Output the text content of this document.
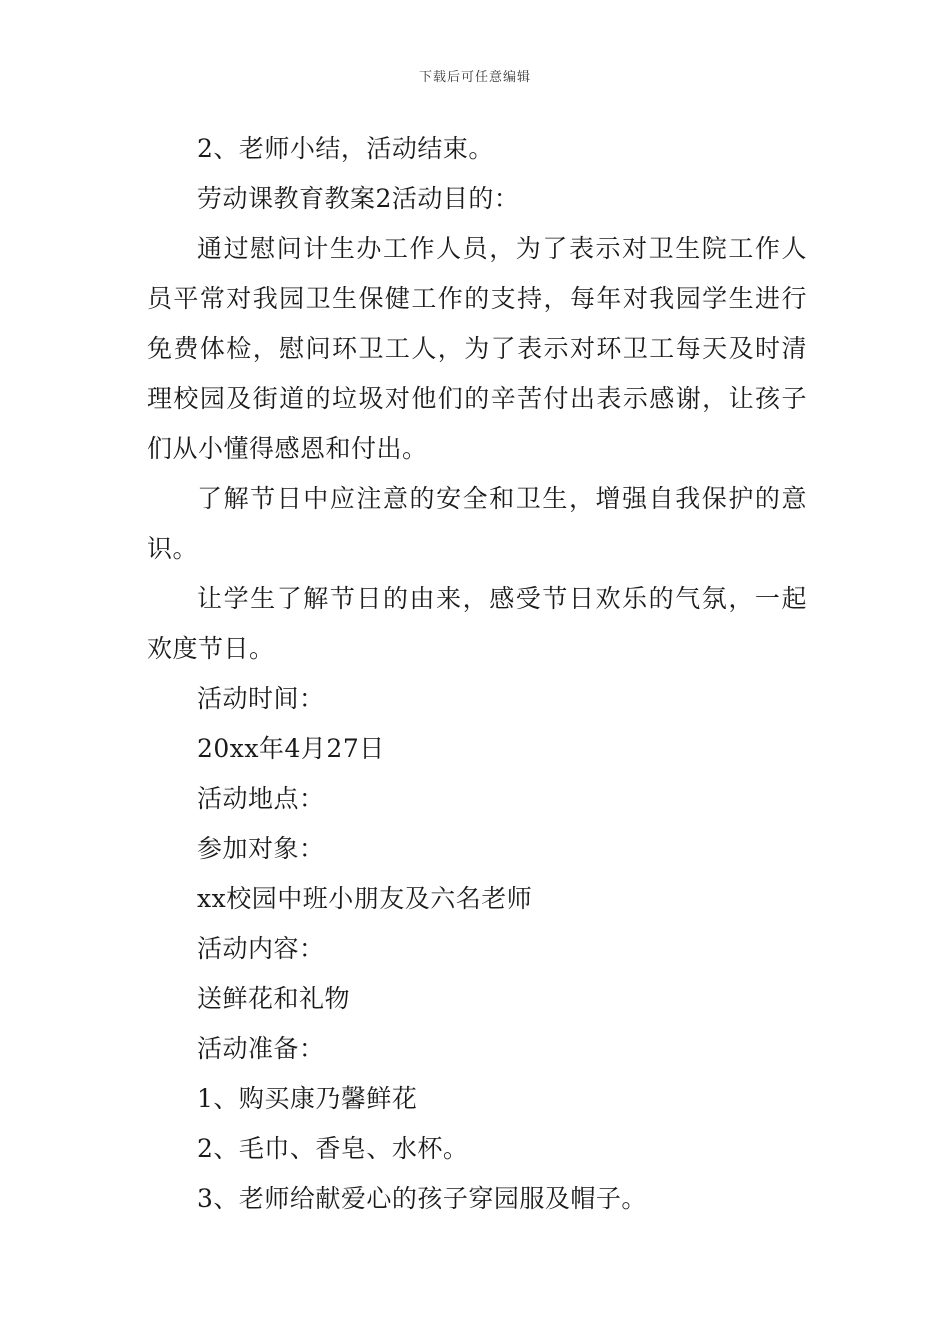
下载后可任意编辑

2、老师小结，活动结束。

劳动课教育教案2活动目的：

通过慰问计生办工作人员，为了表示对卫生院工作人员平常对我园卫生保健工作的支持，每年对我园学生进行免费体检，慰问环卫工人，为了表示对环卫工每天及时清理校园及街道的垃圾对他们的辛苦付出表示感谢，让孩子们从小懂得感恩和付出。

了解节日中应注意的安全和卫生，增强自我保护的意识。

让学生了解节日的由来，感受节日欢乐的气氛，一起欢度节日。

活动时间：

20xx年4月27日

活动地点：

参加对象：

xx校园中班小朋友及六名老师

活动内容：

送鲜花和礼物

活动准备：

1、购买康乃馨鲜花

2、毛巾、香皂、水杯。

3、老师给献爱心的孩子穿园服及帽子。
